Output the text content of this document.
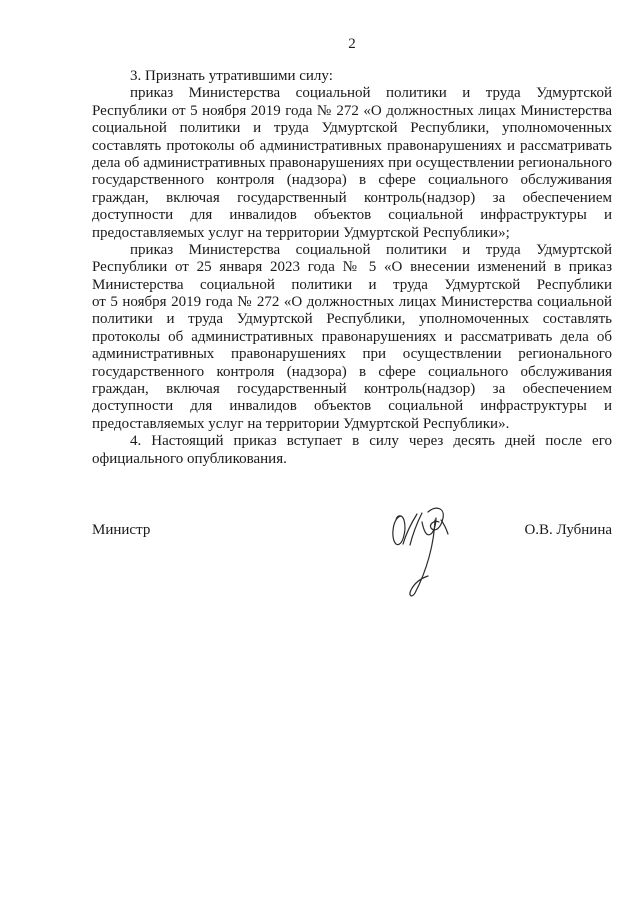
2
3. Признать утратившими силу:
приказ Министерства социальной политики и труда Удмуртской
Республики от 5 ноября 2019 года № 272 «О должностных лицах Министерства
социальной политики и труда Удмуртской Республики, уполномоченных
составлять протоколы об административных правонарушениях и рассматривать
дела об административных правонарушениях при осуществлении регионального
государственного контроля (надзора) в сфере социального обслуживания
граждан, включая государственный контроль(надзор) за обеспечением
доступности для инвалидов объектов социальной инфраструктуры и
предоставляемых услуг на территории Удмуртской Республики»;
приказ Министерства социальной политики и труда Удмуртской
Республики от 25 января 2023 года № 5 «О внесении изменений в приказ
Министерства социальной политики и труда Удмуртской Республики
от 5 ноября 2019 года № 272 «О должностных лицах Министерства социальной
политики и труда Удмуртской Республики, уполномоченных составлять
протоколы об административных правонарушениях и рассматривать дела об
административных правонарушениях при осуществлении регионального
государственного контроля (надзора) в сфере социального обслуживания
граждан, включая государственный контроль(надзор) за обеспечением
доступности для инвалидов объектов социальной инфраструктуры и
предоставляемых услуг на территории Удмуртской Республики».
4. Настоящий приказ вступает в силу через десять дней после его
официального опубликования.
Министр	О.В. Лубнина
